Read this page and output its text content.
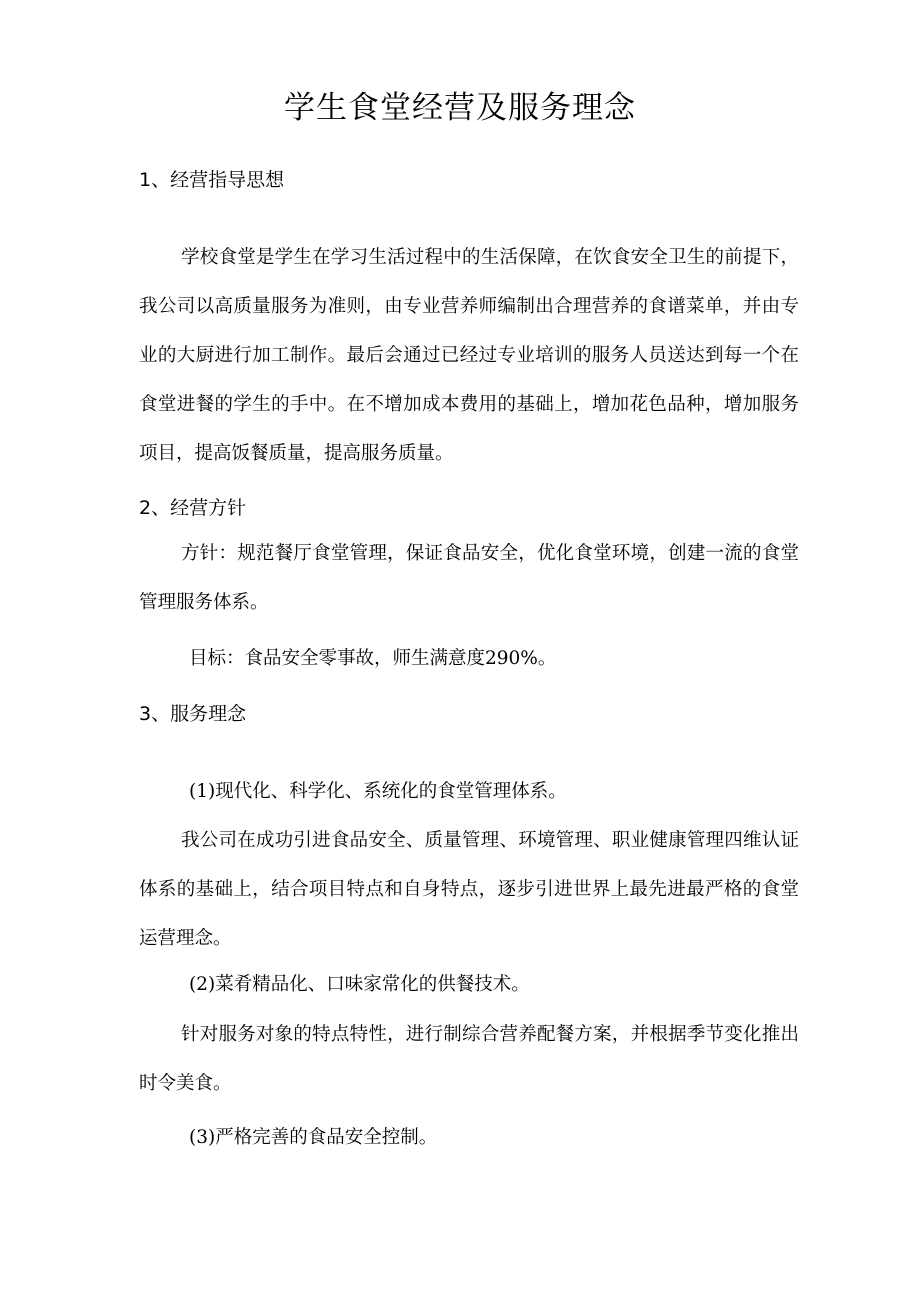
学生食堂经营及服务理念
1、经营指导思想

学校食堂是学生在学习生活过程中的生活保障，在饮食安全卫生的前提下，我公司以高质量服务为准则，由专业营养师编制出合理营养的食谱菜单，并由专业的大厨进行加工制作。最后会通过已经过专业培训的服务人员送达到每一个在食堂进餐的学生的手中。在不增加成本费用的基础上，增加花色品种，增加服务项目，提高饭餐质量，提高服务质量。

2、经营方针

方针：规范餐厅食堂管理，保证食品安全，优化食堂环境，创建一流的食堂管理服务体系。

目标：食品安全零事故，师生满意度290%。
3、服务理念
(1)现代化、科学化、系统化的食堂管理体系。

我公司在成功引进食品安全、质量管理、环境管理、职业健康管理四维认证体系的基础上，结合项目特点和自身特点，逐步引进世界上最先进最严格的食堂运营理念。

(2)菜肴精品化、口味家常化的供餐技术。

针对服务对象的特点特性，进行制综合营养配餐方案，并根据季节变化推出时令美食。

(3)严格完善的食品安全控制。
